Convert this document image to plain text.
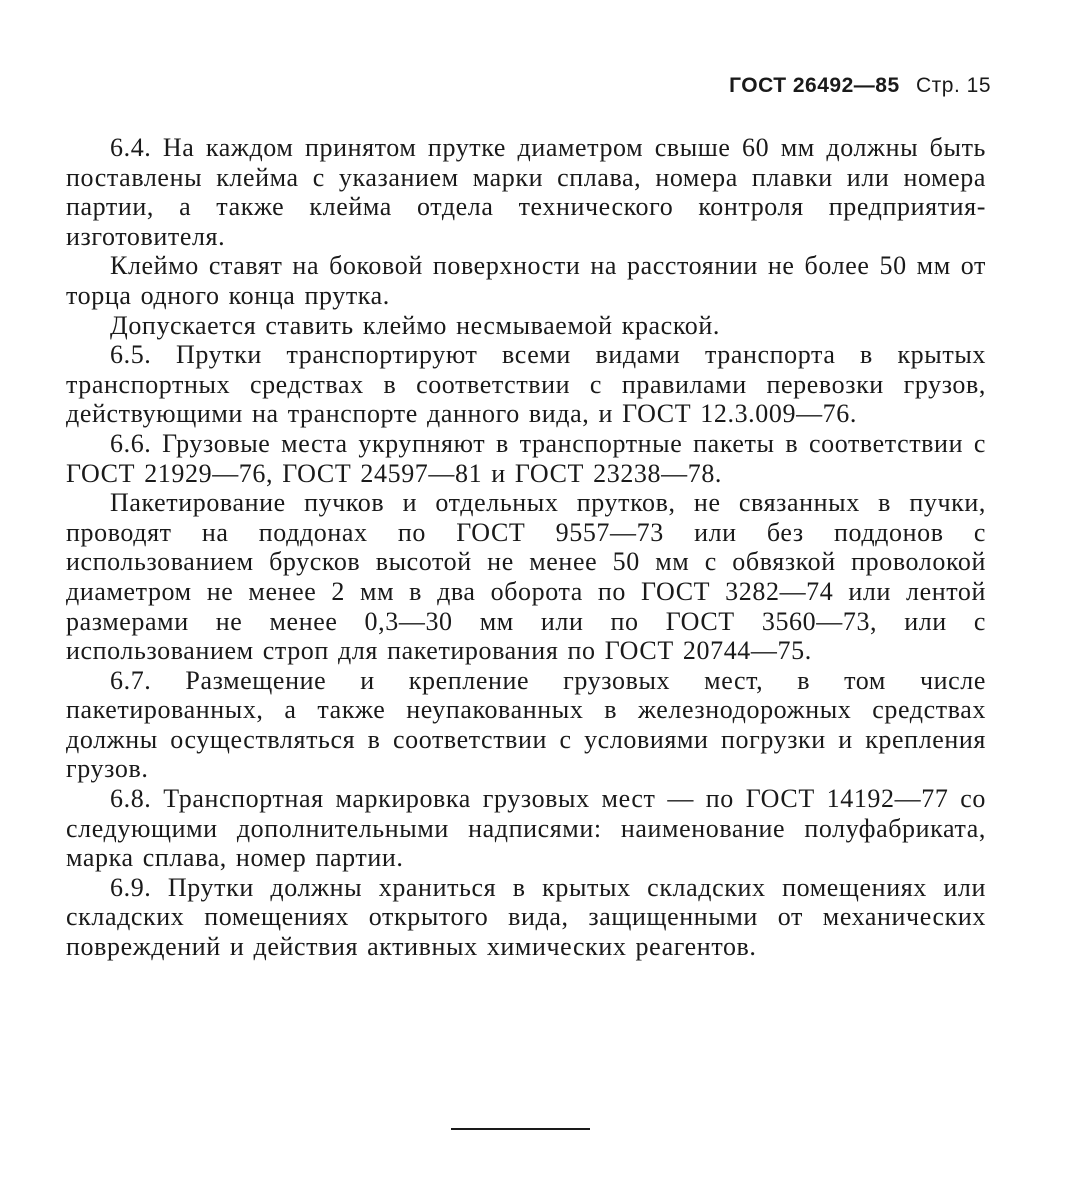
ГОСТ 26492—85 Стр. 15

6.4. На каждом принятом прутке диаметром свыше 60 мм должны быть поставлены клейма с указанием марки сплава, номера плавки или номера партии, а также клейма отдела технического контроля предприятия-изготовителя.

Клеймо ставят на боковой поверхности на расстоянии не более 50 мм от торца одного конца прутка.

Допускается ставить клеймо несмываемой краской.

6.5. Прутки транспортируют всеми видами транспорта в крытых транспортных средствах в соответствии с правилами перевозки грузов, действующими на транспорте данного вида, и ГОСТ 12.3.009—76.

6.6. Грузовые места укрупняют в транспортные пакеты в соответствии с ГОСТ 21929—76, ГОСТ 24597—81 и ГОСТ 23238—78.

Пакетирование пучков и отдельных прутков, не связанных в пучки, проводят на поддонах по ГОСТ 9557—73 или без поддонов с использованием брусков высотой не менее 50 мм с обвязкой проволокой диаметром не менее 2 мм в два оборота по ГОСТ 3282—74 или лентой размерами не менее 0,3—30 мм или по ГОСТ 3560—73, или с использованием строп для пакетирования по ГОСТ 20744—75.

6.7. Размещение и крепление грузовых мест, в том числе пакетированных, а также неупакованных в железнодорожных средствах должны осуществляться в соответствии с условиями погрузки и крепления грузов.

6.8. Транспортная маркировка грузовых мест — по ГОСТ 14192—77 со следующими дополнительными надписями: наименование полуфабриката, марка сплава, номер партии.

6.9. Прутки должны храниться в крытых складских помещениях или складских помещениях открытого вида, защищенными от механических повреждений и действия активных химических реагентов.
